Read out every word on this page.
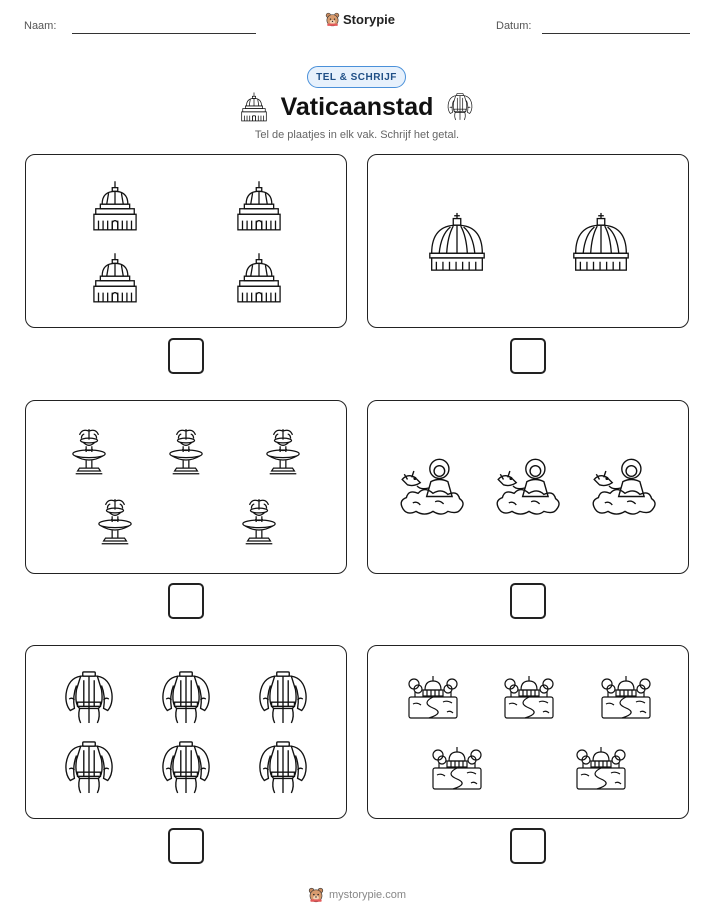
Naam:	Storypie	Datum:
TEL & SCHRIJF
Vaticaanstad
Tel de plaatjes in elk vak. Schrijf het getal.
mystorypie.com
